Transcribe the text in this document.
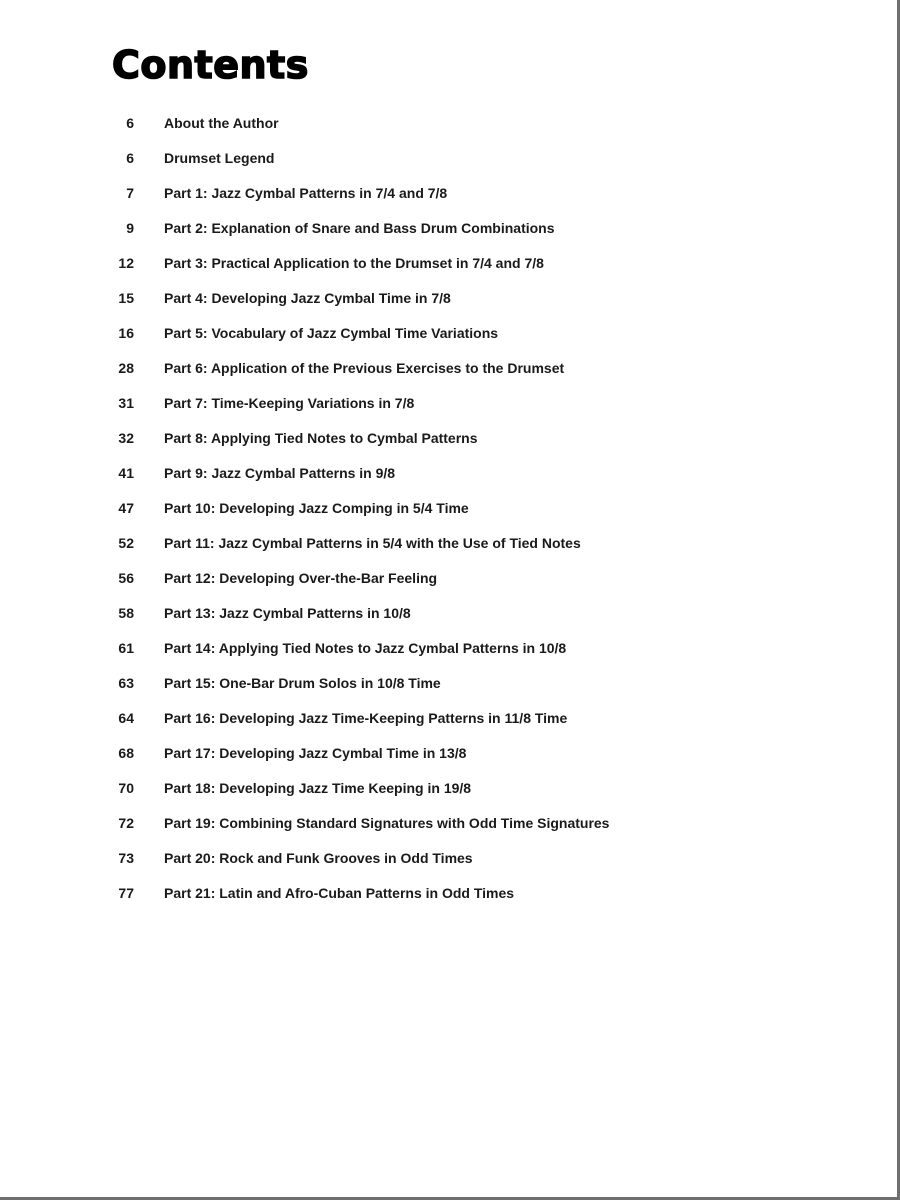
Contents
6 About the Author
6 Drumset Legend
7 Part 1: Jazz Cymbal Patterns in 7/4 and 7/8
9 Part 2: Explanation of Snare and Bass Drum Combinations
12 Part 3: Practical Application to the Drumset in 7/4 and 7/8
15 Part 4: Developing Jazz Cymbal Time in 7/8
16 Part 5: Vocabulary of Jazz Cymbal Time Variations
28 Part 6: Application of the Previous Exercises to the Drumset
31 Part 7: Time-Keeping Variations in 7/8
32 Part 8: Applying Tied Notes to Cymbal Patterns
41 Part 9: Jazz Cymbal Patterns in 9/8
47 Part 10: Developing Jazz Comping in 5/4 Time
52 Part 11: Jazz Cymbal Patterns in 5/4 with the Use of Tied Notes
56 Part 12: Developing Over-the-Bar Feeling
58 Part 13: Jazz Cymbal Patterns in 10/8
61 Part 14: Applying Tied Notes to Jazz Cymbal Patterns in 10/8
63 Part 15: One-Bar Drum Solos in 10/8 Time
64 Part 16: Developing Jazz Time-Keeping Patterns in 11/8 Time
68 Part 17: Developing Jazz Cymbal Time in 13/8
70 Part 18: Developing Jazz Time Keeping in 19/8
72 Part 19: Combining Standard Signatures with Odd Time Signatures
73 Part 20: Rock and Funk Grooves in Odd Times
77 Part 21: Latin and Afro-Cuban Patterns in Odd Times
